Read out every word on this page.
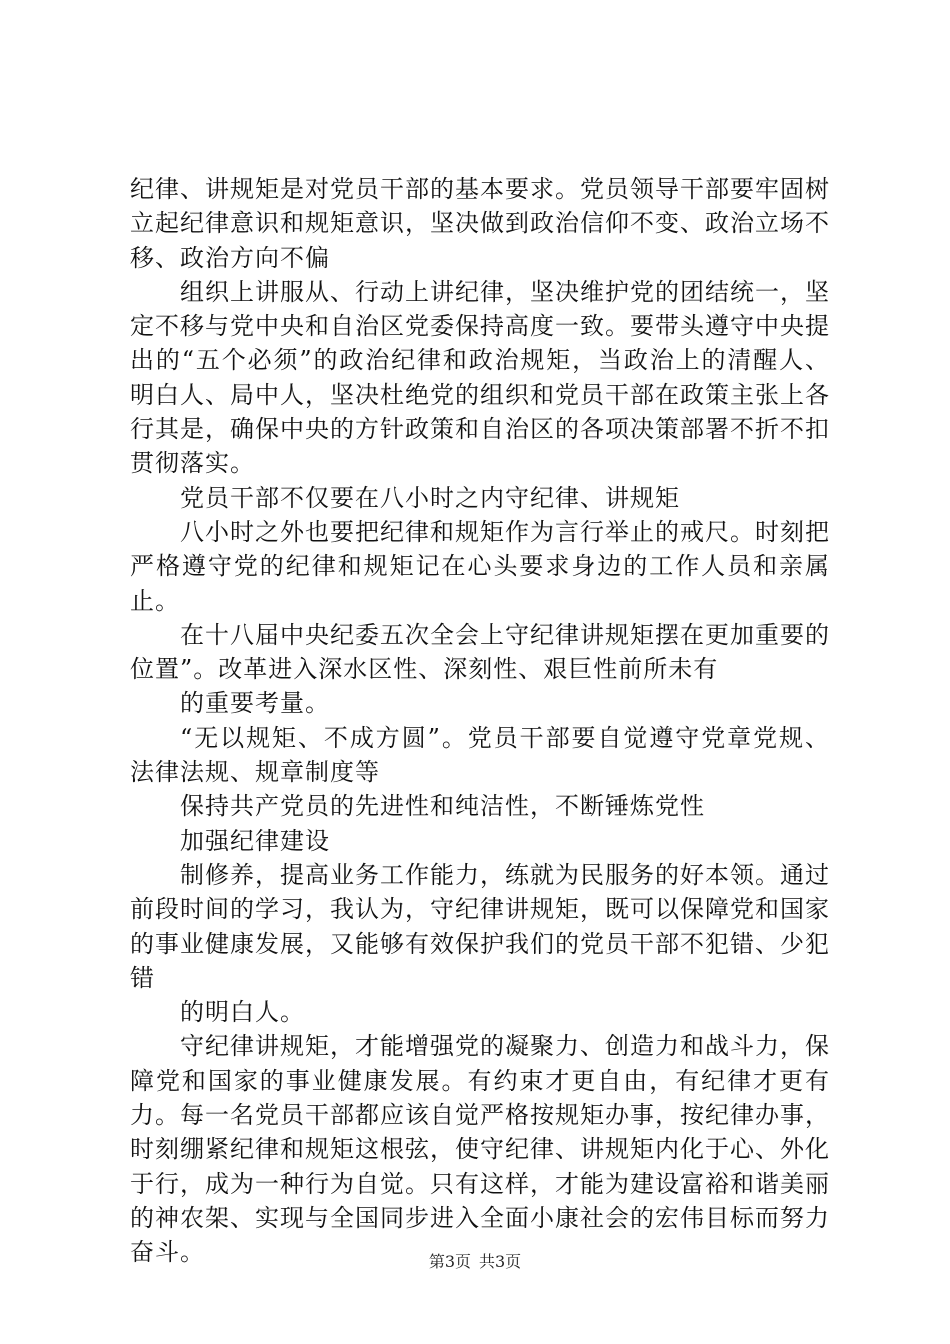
纪律、讲规矩是对党员干部的基本要求。党员领导干部要牢固树立起纪律意识和规矩意识，坚决做到政治信仰不变、政治立场不移、政治方向不偏

组织上讲服从、行动上讲纪律，坚决维护党的团结统一，坚定不移与党中央和自治区党委保持高度一致。要带头遵守中央提出的“五个必须”的政治纪律和政治规矩，当政治上的清醒人、明白人、局中人，坚决杜绝党的组织和党员干部在政策主张上各行其是，确保中央的方针政策和自治区的各项决策部署不折不扣贯彻落实。

党员干部不仅要在八小时之内守纪律、讲规矩

八小时之外也要把纪律和规矩作为言行举止的戒尺。时刻把严格遵守党的纪律和规矩记在心头要求身边的工作人员和亲属止。

在十八届中央纪委五次全会上守纪律讲规矩摆在更加重要的位置”。改革进入深水区性、深刻性、艰巨性前所未有

的重要考量。

“无以规矩、不成方圆”。党员干部要自觉遵守党章党规、法律法规、规章制度等

保持共产党员的先进性和纯洁性，不断锤炼党性

加强纪律建设

制修养，提高业务工作能力，练就为民服务的好本领。通过前段时间的学习，我认为，守纪律讲规矩，既可以保障党和国家的事业健康发展，又能够有效保护我们的党员干部不犯错、少犯错

的明白人。

守纪律讲规矩，才能增强党的凝聚力、创造力和战斗力，保障党和国家的事业健康发展。有约束才更自由，有纪律才更有力。每一名党员干部都应该自觉严格按规矩办事，按纪律办事，时刻绷紧纪律和规矩这根弦，使守纪律、讲规矩内化于心、外化于行，成为一种行为自觉。只有这样，才能为建设富裕和谐美丽的神农架、实现与全国同步进入全面小康社会的宏伟目标而努力奋斗。	第3页 共3页
